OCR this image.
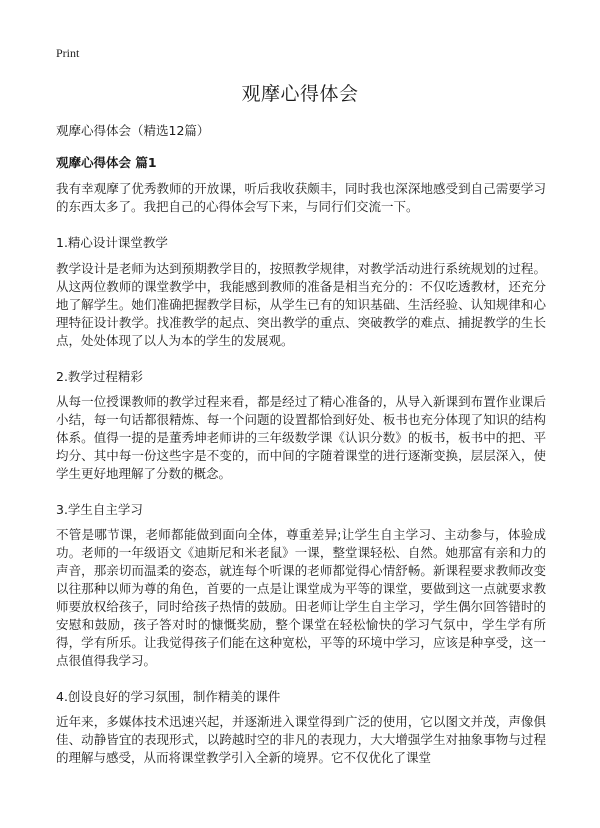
Print
观摩心得体会
观摩心得体会（精选12篇）
观摩心得体会 篇1

我有幸观摩了优秀教师的开放课，听后我收获颇丰，同时我也深深地感受到自己需要学习的东西太多了。我把自己的心得体会写下来，与同行们交流一下。

1.精心设计课堂教学

教学设计是老师为达到预期教学目的，按照教学规律，对教学活动进行系统规划的过程。从这两位教师的课堂教学中，我能感到教师的准备是相当充分的：不仅吃透教材，还充分地了解学生。她们准确把握教学目标，从学生已有的知识基础、生活经验、认知规律和心理特征设计教学。找准教学的起点、突出教学的重点、突破教学的难点、捕捉教学的生长点，处处体现了以人为本的学生的发展观。

2.教学过程精彩

从每一位授课教师的教学过程来看，都是经过了精心准备的，从导入新课到布置作业课后小结，每一句话都很精炼、每一个问题的设置都恰到好处、板书也充分体现了知识的结构体系。值得一提的是董秀坤老师讲的三年级数学课《认识分数》的板书，板书中的把、平均分、其中每一份这些字是不变的，而中间的字随着课堂的进行逐渐变换，层层深入，使学生更好地理解了分数的概念。

3.学生自主学习

不管是哪节课，老师都能做到面向全体，尊重差异;让学生自主学习、主动参与，体验成功。老师的一年级语文《迪斯尼和米老鼠》一课，整堂课轻松、自然。她那富有亲和力的声音，那亲切而温柔的姿态，就连每个听课的老师都觉得心情舒畅。新课程要求教师改变以往那种以师为尊的角色，首要的一点是让课堂成为平等的课堂，要做到这一点就要求教师要放权给孩子，同时给孩子热情的鼓励。田老师让学生自主学习，学生偶尔回答错时的安慰和鼓励，孩子答对时的慷慨奖励，整个课堂在轻松愉快的学习气氛中，学生学有所得，学有所乐。让我觉得孩子们能在这种宽松，平等的环境中学习，应该是种享受，这一点很值得我学习。

4.创设良好的学习氛围，制作精美的课件

近年来，多媒体技术迅速兴起，并逐渐进入课堂得到广泛的使用，它以图文并茂，声像俱佳、动静皆宜的表现形式，以跨越时空的非凡的表现力，大大增强学生对抽象事物与过程的理解与感受，从而将课堂教学引入全新的境界。它不仅优化了课堂
